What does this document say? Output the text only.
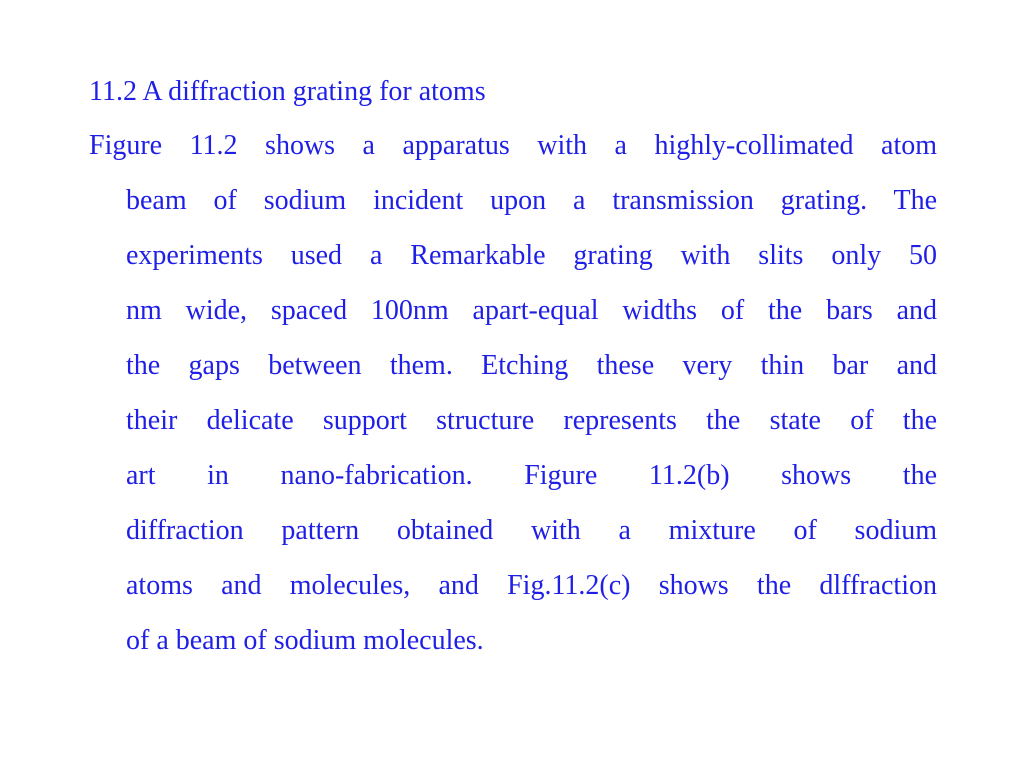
11.2 A diffraction grating for atoms
Figure 11.2 shows a apparatus with a highly-collimated atom
beam of sodium incident upon a transmission grating. The
experiments used a Remarkable grating with slits only 50
nm wide, spaced 100nm apart-equal widths of the bars and
the gaps between them. Etching these very thin bar and
their delicate support structure represents the state of the
art in nano-fabrication. Figure 11.2(b) shows the
diffraction pattern obtained with a mixture of sodium
atoms and molecules, and Fig.11.2(c) shows the dlffraction
of a beam of sodium molecules.
